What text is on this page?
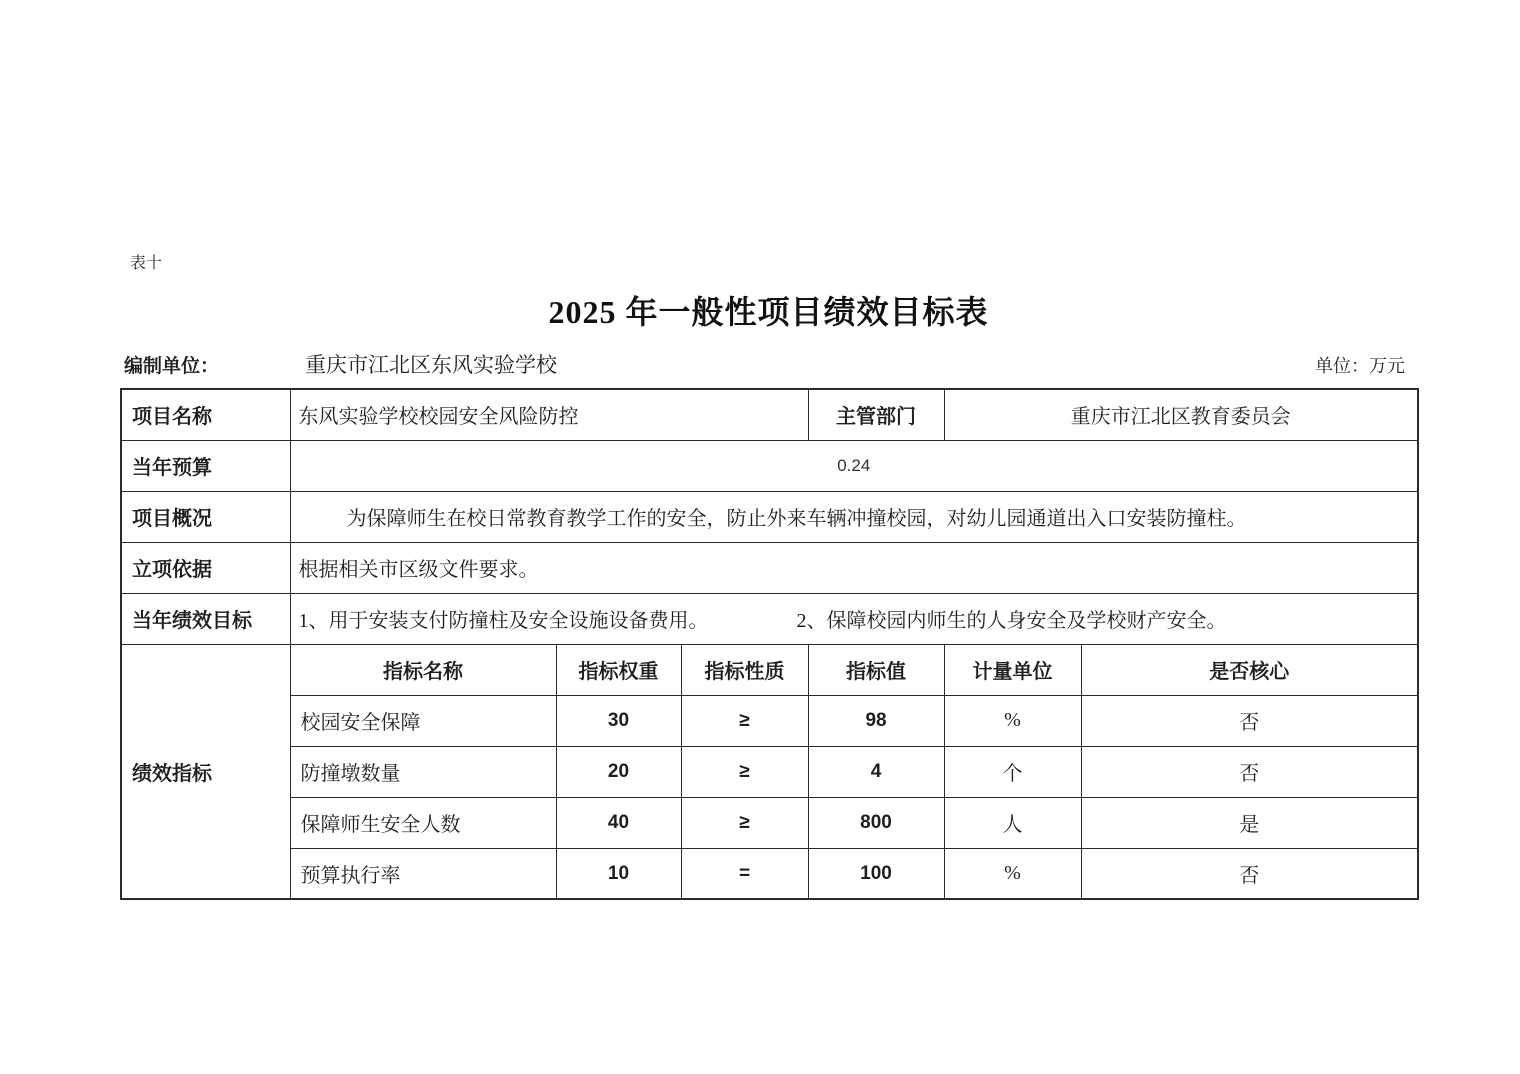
表十
2025 年一般性项目绩效目标表
编制单位：	重庆市江北区东风实验学校	单位：万元
项目名称	东风实验学校校园安全风险防控			主管部门	重庆市江北区教育委员会	
当年预算	0.24					
项目概况	为保障师生在校日常教育教学工作的安全，防止外来车辆冲撞校园，对幼儿园通道出入口安装防撞柱。					
立项依据	根据相关市区级文件要求。					
当年绩效目标	1、用于安装支付防撞柱及安全设施设备费用。 2、保障校园内师生的人身安全及学校财产安全。					
绩效指标	指标名称	指标权重	指标性质	指标值	计量单位	是否核心
	校园安全保障	30	≥	98	%	否
	防撞墩数量	20	≥	4	个	否
	保障师生安全人数	40	≥	800	人	是
	预算执行率	10	=	100	%	否
